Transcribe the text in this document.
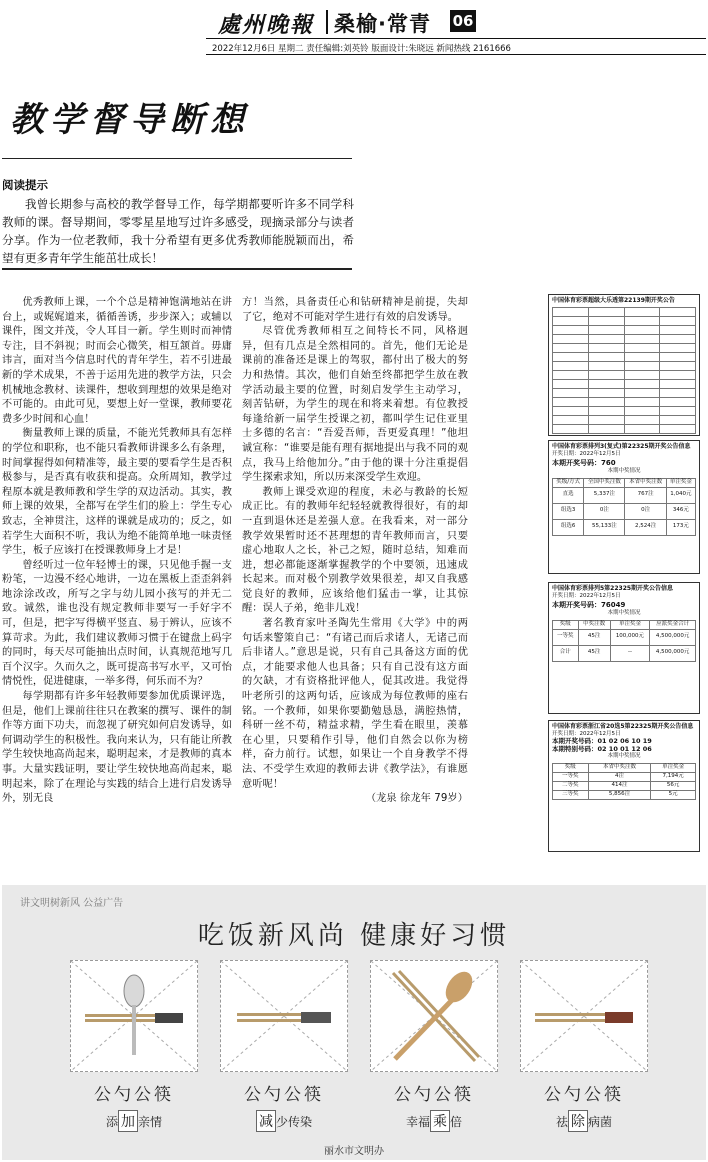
處州晚報 桑榆·常青 06
2022年12月6日 星期二 责任编辑:刘英铃 版面设计:朱晓远 新闻热线 2161666
教学督导断想
阅读提示

我曾长期参与高校的教学督导工作，每学期都要听许多不同学科教师的课。督导期间，零零星星地写过许多感受，现摘录部分与读者分享。作为一位老教师，我十分希望有更多优秀教师能脱颖而出，希望有更多青年学生能茁壮成长！

优秀教师上课，一个个总是精神饱满地站在讲台上，或娓娓道来，循循善诱，步步深入；或辅以课件，图文并茂，令人耳目一新。学生则时而神情专注，目不斜视；时而会心微笑，相互颔首。毋庸讳言，面对当今信息时代的青年学生，若不引进最新的学术成果，不善于运用先进的教学方法，只会机械地念教材、读课件，想收到理想的效果是绝对不可能的。由此可见，要想上好一堂课，教师要花费多少时间和心血！

衡量教师上课的质量，不能光凭教师具有怎样的学位和职称，也不能只看教师讲课多么有条理，时间掌握得如何精准等，最主要的要看学生是否积极参与，是否真有收获和提高。众所周知，教学过程原本就是教师教和学生学的双边活动。其实，教师上课的效果，全都写在学生们的脸上：学生专心致志，全神贯注，这样的课就是成功的；反之，如若学生大面积不听，我认为绝不能简单地一味责怪学生，板子应该打在授课教师身上才是！

曾经听过一位年轻博士的课，只见他手握一支粉笔，一边漫不经心地讲，一边在黑板上歪歪斜斜地涂涂改改，所写之字与幼儿园小孩写的并无二致。诚然，谁也没有规定教师非要写一手好字不可，但是，把字写得横平竖直、易于辨认，应该不算苛求。为此，我们建议教师习惯于在键盘上码字的同时，每天尽可能抽出点时间，认真规范地写几百个汉字。久而久之，既可提高书写水平，又可怡情悦性，促进健康，一举多得，何乐而不为？

每学期都有许多年轻教师要参加优质课评选，但是，他们上课前往往只在教案的撰写、课件的制作等方面下功夫，而忽视了研究如何启发诱导，如何调动学生的积极性。我向来认为，只有能让所教学生较快地高尚起来，聪明起来，才是教师的真本事。大量实践证明，要让学生较快地高尚起来，聪明起来，除了在理论与实践的结合上进行启发诱导外，别无良

方！当然，具备责任心和钻研精神是前提，失却了它，绝对不可能对学生进行有效的启发诱导。

尽管优秀教师相互之间特长不同，风格迥异，但有几点是全然相同的。首先，他们无论是课前的准备还是课上的驾驭，都付出了极大的努力和热情。其次，他们自始至终都把学生放在教学活动最主要的位置，时刻启发学生主动学习，刻苦钻研，为学生的现在和将来着想。有位教授每逢给新一届学生授课之初，都叫学生记住亚里士多德的名言：“吾爱吾师，吾更爱真理！”他坦诚宣称：“谁要是能有理有据地提出与我不同的观点，我马上给他加分。”由于他的课十分注重提倡学生探索求知，所以历来深受学生欢迎。

教师上课受欢迎的程度，未必与教龄的长短成正比。有的教师年纪轻轻就教得很好，有的却一直到退休还是差强人意。在我看来，对一部分教学效果暂时还不甚理想的青年教师而言，只要虚心地取人之长，补己之短，随时总结，知难而进，想必都能逐渐掌握教学的个中要领，迅速成长起来。而对极个别教学效果很差，却又自我感觉良好的教师，应该给他们猛击一掌，让其惊醒：误人子弟，绝非儿戏！

著名教育家叶圣陶先生常用《大学》中的两句话来警策自己：“有诸己而后求诸人，无诸己而后非诸人。”意思是说，只有自己具备这方面的优点，才能要求他人也具备；只有自己没有这方面的欠缺，才有资格批评他人，促其改进。我觉得叶老所引的这两句话，应该成为每位教师的座右铭。一个教师，如果你要勤勉恳恳，满腔热情，科研一丝不苟，精益求精，学生看在眼里，羡慕在心里，只要稍作引导，他们自然会以你为榜样，奋力前行。试想，如果让一个自身教学不得法、不受学生欢迎的教师去讲《教学法》，有谁愿意听呢！

（龙泉 徐龙年 79岁）
中国体育彩票超级大乐透第22139期开奖公告

中国体育彩票排列3(复式)第22325期开奖公告信息
开奖日期：2022年12月5日
本期开奖号码：760
本期中奖情况
奖级/方式	全国中奖注数	本省中奖注数	单注奖金
直选	5,337注	767注	1,040元
组选3	0注	0注	346元
组选6	55,133注	2,524注	173元
中国体育彩票排列5第22325期开奖公告信息
开奖日期：2022年12月5日
本期开奖号码：76049
本期中奖情况
奖级	中奖注数	单注奖金	应派奖金合计
一等奖	45注	100,000元	4,500,000元
合计	45注	--	4,500,000元
中国体育彩票浙江省20选5第22325期开奖公告信息
开奖日期：2022年12月5日
本期开奖号码：01 02 06 10 19
本期特别号码：02 10 01 12 06
本期中奖情况
奖级	本省中奖注数	单注奖金
一等奖	4注	7,194元
二等奖	414注	56元
三等奖	5,856注	5元
讲文明树新风 公益广告
吃饭新风尚 健康好习惯
公勺公筷
添 加 亲情
公勺公筷
减 少传染
公勺公筷
幸福 乘 倍
公勺公筷
祛 除 病菌
丽水市文明办
